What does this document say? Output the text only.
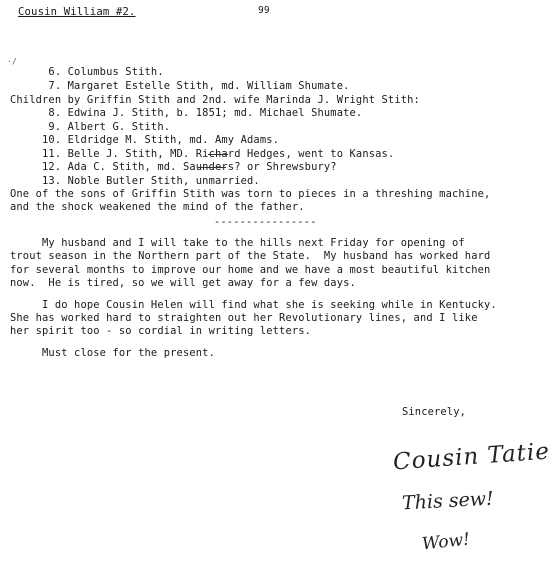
Cousin William #2.	99
·/
6. Columbus Stith.
7. Margaret Estelle Stith, md. William Shumate.
Children by Griffin Stith and 2nd. wife Marinda J. Wright Stith:
8. Edwina J. Stith, b. 1851; md. Michael Shumate.
9. Albert G. Stith.
10. Eldridge M. Stith, md. Amy Adams.
11. Belle J. Stith, MD. Richard Hedges, went to Kansas.
12. Ada C. Stith, md. Saunders? or Shrewsbury?
13. Noble Butler Stith, unmarried.
One of the sons of Griffin Stith was torn to pieces in a threshing machine,
and the shock weakened the mind of the father.
----------------
My husband and I will take to the hills next Friday for opening of
trout season in the Northern part of the State.  My husband has worked hard
for several months to improve our home and we have a most beautiful kitchen
now.  He is tired, so we will get away for a few days.
I do hope Cousin Helen will find what she is seeking while in Kentucky.
She has worked hard to straighten out her Revolutionary lines, and I like
her spirit too - so cordial in writing letters.
Must close for the present.
Sincerely,
Cousin Tatie
This sew!
Wow!
